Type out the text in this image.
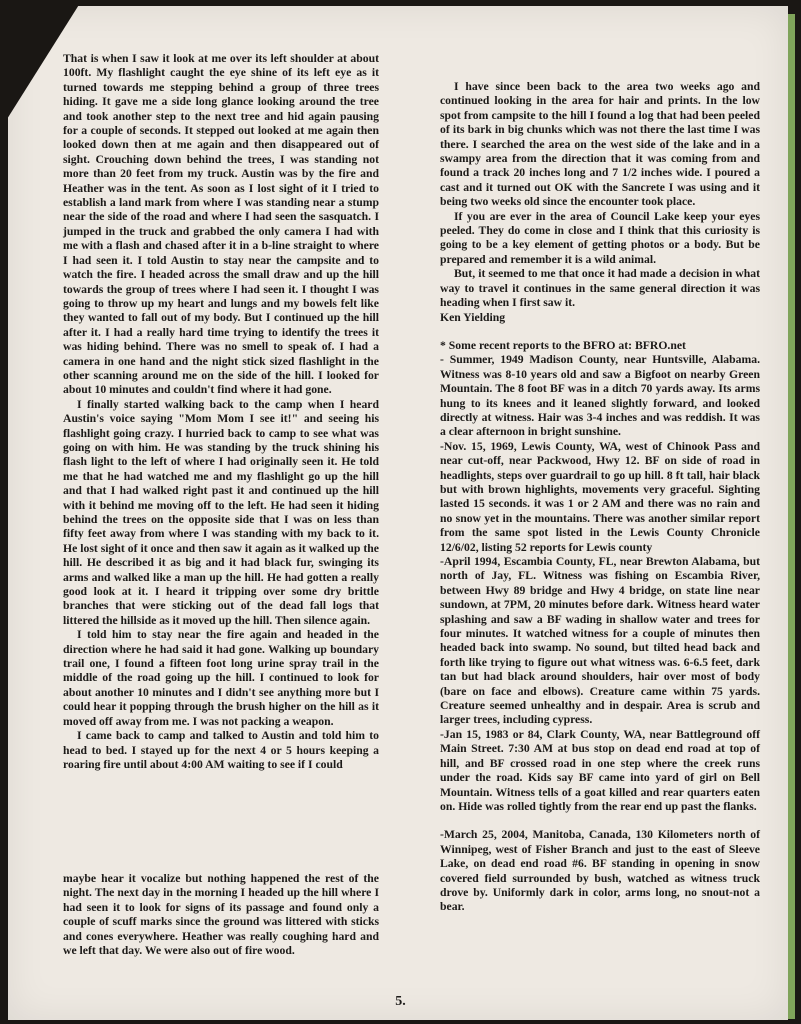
That is when I saw it look at me over its left shoulder at about 100ft. My flashlight caught the eye shine of its left eye as it turned towards me stepping behind a group of three trees hiding. It gave me a side long glance looking around the tree and took another step to the next tree and hid again pausing for a couple of seconds. It stepped out looked at me again then looked down then at me again and then disappeared out of sight. Crouching down behind the trees, I was standing not more than 20 feet from my truck. Austin was by the fire and Heather was in the tent. As soon as I lost sight of it I tried to establish a land mark from where I was standing near a stump near the side of the road and where I had seen the sasquatch. I jumped in the truck and grabbed the only camera I had with me with a flash and chased after it in a b-line straight to where I had seen it. I told Austin to stay near the campsite and to watch the fire. I headed across the small draw and up the hill towards the group of trees where I had seen it. I thought I was going to throw up my heart and lungs and my bowels felt like they wanted to fall out of my body. But I continued up the hill after it. I had a really hard time trying to identify the trees it was hiding behind. There was no smell to speak of. I had a camera in one hand and the night stick sized flashlight in the other scanning around me on the side of the hill. I looked for about 10 minutes and couldn't find where it had gone.

I finally started walking back to the camp when I heard Austin's voice saying "Mom Mom I see it!" and seeing his flashlight going crazy. I hurried back to camp to see what was going on with him. He was standing by the truck shining his flash light to the left of where I had originally seen it. He told me that he had watched me and my flashlight go up the hill and that I had walked right past it and continued up the hill with it behind me moving off to the left. He had seen it hiding behind the trees on the opposite side that I was on less than fifty feet away from where I was standing with my back to it. He lost sight of it once and then saw it again as it walked up the hill. He described it as big and it had black fur, swinging its arms and walked like a man up the hill. He had gotten a really good look at it. I heard it tripping over some dry brittle branches that were sticking out of the dead fall logs that littered the hillside as it moved up the hill. Then silence again.

I told him to stay near the fire again and headed in the direction where he had said it had gone. Walking up boundary trail one, I found a fifteen foot long urine spray trail in the middle of the road going up the hill. I continued to look for about another 10 minutes and I didn't see anything more but I could hear it popping through the brush higher on the hill as it moved off away from me. I was not packing a weapon.

I came back to camp and talked to Austin and told him to head to bed. I stayed up for the next 4 or 5 hours keeping a roaring fire until about 4:00 AM waiting to see if I could

maybe hear it vocalize but nothing happened the rest of the night. The next day in the morning I headed up the hill where I had seen it to look for signs of its passage and found only a couple of scuff marks since the ground was littered with sticks and cones everywhere. Heather was really coughing hard and we left that day. We were also out of fire wood.

I have since been back to the area two weeks ago and continued looking in the area for hair and prints. In the low spot from campsite to the hill I found a log that had been peeled of its bark in big chunks which was not there the last time I was there. I searched the area on the west side of the lake and in a swampy area from the direction that it was coming from and found a track 20 inches long and 7 1/2 inches wide. I poured a cast and it turned out OK with the Sancrete I was using and it being two weeks old since the encounter took place.

If you are ever in the area of Council Lake keep your eyes peeled. They do come in close and I think that this curiosity is going to be a key element of getting photos or a body. But be prepared and remember it is a wild animal.

But, it seemed to me that once it had made a decision in what way to travel it continues in the same general direction it was heading when I first saw it.

Ken Yielding

* Some recent reports to the BFRO at: BFRO.net

- Summer, 1949 Madison County, near Huntsville, Alabama. Witness was 8-10 years old and saw a Bigfoot on nearby Green Mountain. The 8 foot BF was in a ditch 70 yards away. Its arms hung to its knees and it leaned slightly forward, and looked directly at witness. Hair was 3-4 inches and was reddish. It was a clear afternoon in bright sunshine.

-Nov. 15, 1969, Lewis County, WA, west of Chinook Pass and near cut-off, near Packwood, Hwy 12. BF on side of road in headlights, steps over guardrail to go up hill. 8 ft tall, hair black but with brown highlights, movements very graceful. Sighting lasted 15 seconds. it was 1 or 2 AM and there was no rain and no snow yet in the mountains. There was another similar report from the same spot listed in the Lewis County Chronicle 12/6/02, listing 52 reports for Lewis county

-April 1994, Escambia County, FL, near Brewton Alabama, but north of Jay, FL. Witness was fishing on Escambia River, between Hwy 89 bridge and Hwy 4 bridge, on state line near sundown, at 7PM, 20 minutes before dark. Witness heard water splashing and saw a BF wading in shallow water and trees for four minutes. It watched witness for a couple of minutes then headed back into swamp. No sound, but tilted head back and forth like trying to figure out what witness was. 6-6.5 feet, dark tan but had black around shoulders, hair over most of body (bare on face and elbows). Creature came within 75 yards. Creature seemed unhealthy and in despair. Area is scrub and larger trees, including cypress.

-Jan 15, 1983 or 84, Clark County, WA, near Battleground off Main Street. 7:30 AM at bus stop on dead end road at top of hill, and BF crossed road in one step where the creek runs under the road. Kids say BF came into yard of girl on Bell Mountain. Witness tells of a goat killed and rear quarters eaten on. Hide was rolled tightly from the rear end up past the flanks.

-March 25, 2004, Manitoba, Canada, 130 Kilometers north of Winnipeg, west of Fisher Branch and just to the east of Sleeve Lake, on dead end road #6. BF standing in opening in snow covered field surrounded by bush, watched as witness truck drove by. Uniformly dark in color, arms long, no snout-not a bear.

5.
